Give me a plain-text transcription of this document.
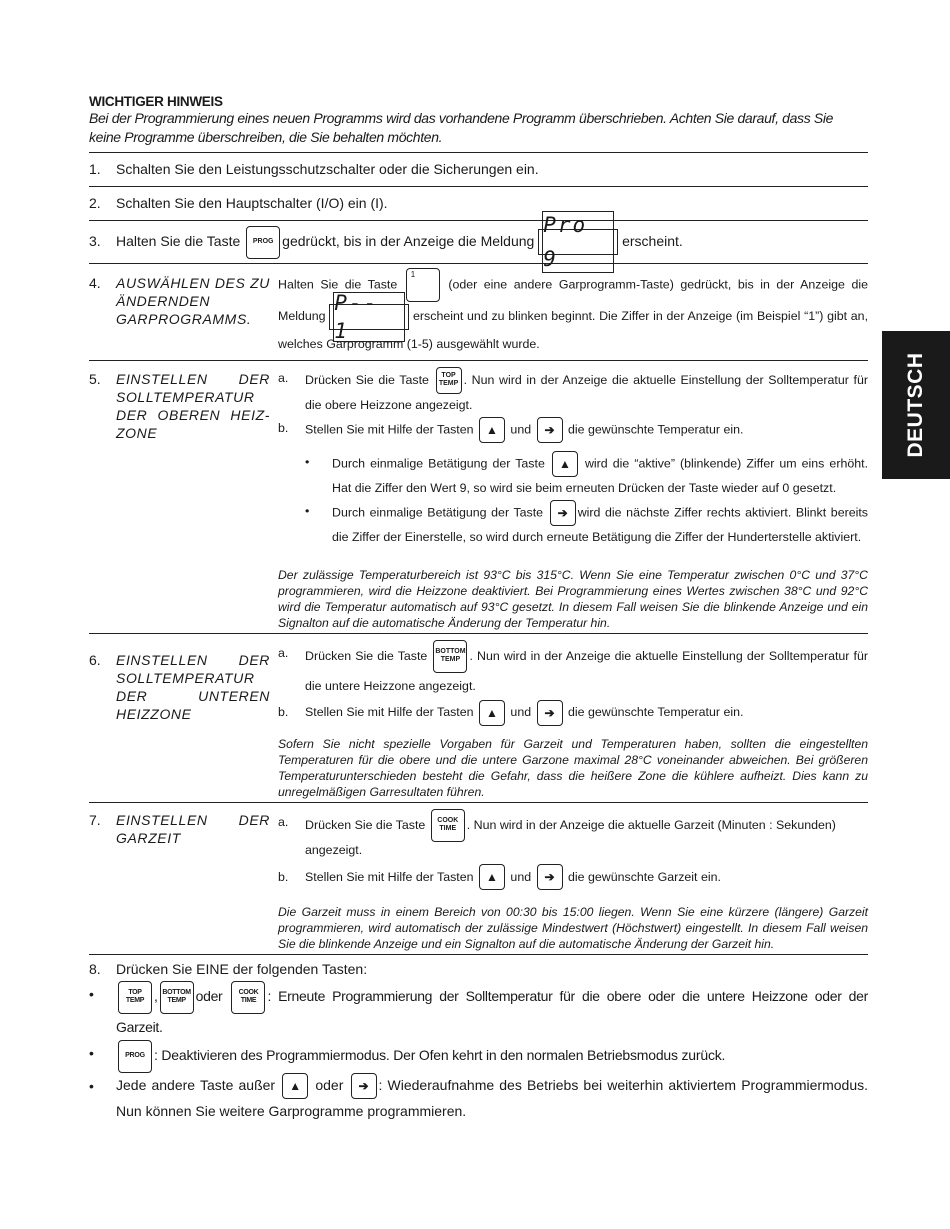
DEUTSCH
WICHTIGER HINWEIS
Bei der Programmierung eines neuen Programms wird das vorhandene Programm überschrieben. Achten Sie darauf, dass Sie keine Programme überschreiben, die Sie behalten möchten.
1.	Schalten Sie den Leistungsschutzschalter oder die Sicherungen ein.
2.	Schalten Sie den Hauptschalter (I/O) ein (I).
3.	Halten Sie die Taste PROG gedrückt, bis in der Anzeige die Meldung
Pro 9
erscheint.
4.	AUSWÄHLEN DES ZU ÄNDERNDEN GARPROGRAMMS.
Halten Sie die Taste
1
(oder eine andere Garprogramm-Taste) gedrückt, bis in der Anzeige die Meldung
P-- 1
erscheint und zu blinken beginnt. Die Ziffer in der Anzeige (im Beispiel “1”) gibt an, welches Garprogramm (1-5) ausgewählt wurde.
5.	EINSTELLEN DER SOLLTEMPERATUR DER OBEREN HEIZ-ZONE
a.	Drücken Sie die Taste TOP
TEMP . Nun wird in der Anzeige die aktuelle Einstellung der Solltemperatur für die obere Heizzone angezeigt.
b.	Stellen Sie mit Hilfe der Tasten ▲ und ➔ die gewünschte Temperatur ein.
•	Durch einmalige Betätigung der Taste ▲ wird die “aktive” (blinkende) Ziffer um eins erhöht. Hat die Ziffer den Wert 9, so wird sie beim erneuten Drücken der Taste wieder auf 0 gesetzt.
•	Durch einmalige Betätigung der Taste ➔ wird die nächste Ziffer rechts aktiviert. Blinkt bereits die Ziffer der Einerstelle, so wird durch erneute Betätigung die Ziffer der Hunderterstelle aktiviert.
Der zulässige Temperaturbereich ist 93°C bis 315°C. Wenn Sie eine Temperatur zwischen 0°C und 37°C programmieren, wird die Heizzone deaktiviert. Bei Programmierung eines Wertes zwischen 38°C und 92°C wird die Temperatur automatisch auf 93°C gesetzt. In diesem Fall weisen Sie die blinkende Anzeige und ein Signalton auf die automatische Änderung der Temperatur hin.
6.	EINSTELLEN DER SOLLTEMPERATUR DER UNTEREN HEIZZONE
a.	Drücken Sie die Taste BOTTOM
TEMP . Nun wird in der Anzeige die aktuelle Einstellung der Solltemperatur für die untere Heizzone angezeigt.
b.	Stellen Sie mit Hilfe der Tasten ▲ und ➔ die gewünschte Temperatur ein.
Sofern Sie nicht spezielle Vorgaben für Garzeit und Temperaturen haben, sollten die eingestellten Temperaturen für die obere und die untere Garzone maximal 28°C voneinander abweichen. Bei größeren Temperaturunterschieden besteht die Gefahr, dass die heißere Zone die kühlere aufheizt. Dies kann zu unregelmäßigen Garresultaten führen.
7.	EINSTELLEN DER GARZEIT
a.	Drücken Sie die Taste COOK
TIME . Nun wird in der Anzeige die aktuelle Garzeit (Minuten : Sekunden) angezeigt.
b.	Stellen Sie mit Hilfe der Tasten ▲ und ➔ die gewünschte Garzeit ein.
Die Garzeit muss in einem Bereich von 00:30 bis 15:00 liegen. Wenn Sie eine kürzere (längere) Garzeit programmieren, wird automatisch der zulässige Mindestwert (Höchstwert) eingestellt. In diesem Fall weisen Sie die blinkende Anzeige und ein Signalton auf die automatische Änderung der Garzeit hin.
8.	Drücken Sie EINE der folgenden Tasten:
•	TOP
TEMP , BOTTOM
TEMP oder COOK
TIME : Erneute Programmierung der Solltemperatur für die obere oder die untere Heizzone oder der Garzeit.
•	PROG : Deaktivieren des Programmiermodus. Der Ofen kehrt in den normalen Betriebsmodus zurück.
•	Jede andere Taste außer ▲ oder ➔ : Wiederaufnahme des Betriebs bei weiterhin aktiviertem Programmiermodus. Nun können Sie weitere Garprogramme programmieren.
